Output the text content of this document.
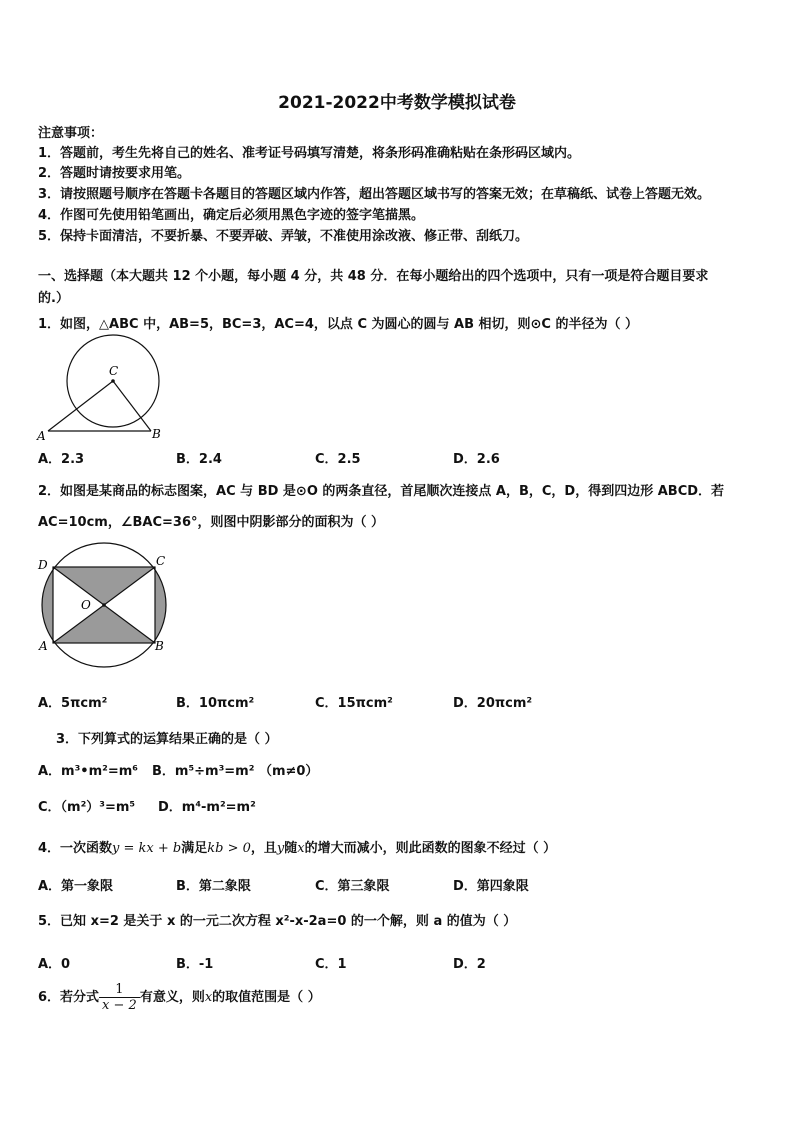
2021-2022中考数学模拟试卷
注意事项：
1．答题前，考生先将自己的姓名、准考证号码填写清楚，将条形码准确粘贴在条形码区域内。
2．答题时请按要求用笔。
3．请按照题号顺序在答题卡各题目的答题区域内作答，超出答题区域书写的答案无效；在草稿纸、试卷上答题无效。
4．作图可先使用铅笔画出，确定后必须用黑色字迹的签字笔描黑。
5．保持卡面清洁，不要折暴、不要弄破、弄皱，不准使用涂改液、修正带、刮纸刀。
一、选择题（本大题共 12 个小题，每小题 4 分，共 48 分．在每小题给出的四个选项中，只有一项是符合题目要求
的.）
1．如图，△ABC 中，AB=5，BC=3，AC=4，以点 C 为圆心的圆与 AB 相切，则⊙C 的半径为（ ）
A	B
C
A．2.3	B．2.4	C．2.5	D．2.6
2．如图是某商品的标志图案，AC 与 BD 是⊙O 的两条直径，首尾顺次连接点 A，B，C，D，得到四边形 ABCD．若
AC=10cm，∠BAC=36°，则图中阴影部分的面积为（ ）
D	C
A	B
O
A．5πcm²	B．10πcm²	C．15πcm²	D．20πcm²
3．下列算式的运算结果正确的是（ ）
A．m³•m²=m⁶ B．m⁵÷m³=m² （m≠0）
C．（m²）³=m⁵ D．m⁴-m²=m²
4．一次函数y = kx + b满足kb > 0，且y随x的增大而减小，则此函数的图象不经过（ ）
A．第一象限	B．第二象限	C．第三象限	D．第四象限
5．已知 x=2 是关于 x 的一元二次方程 x²-x-2a=0 的一个解，则 a 的值为（ ）
A．0	B．-1	C．1	D．2
6．若分式 $\frac{1}{x - 2}$ 有意义，则x的取值范围是（ ）
